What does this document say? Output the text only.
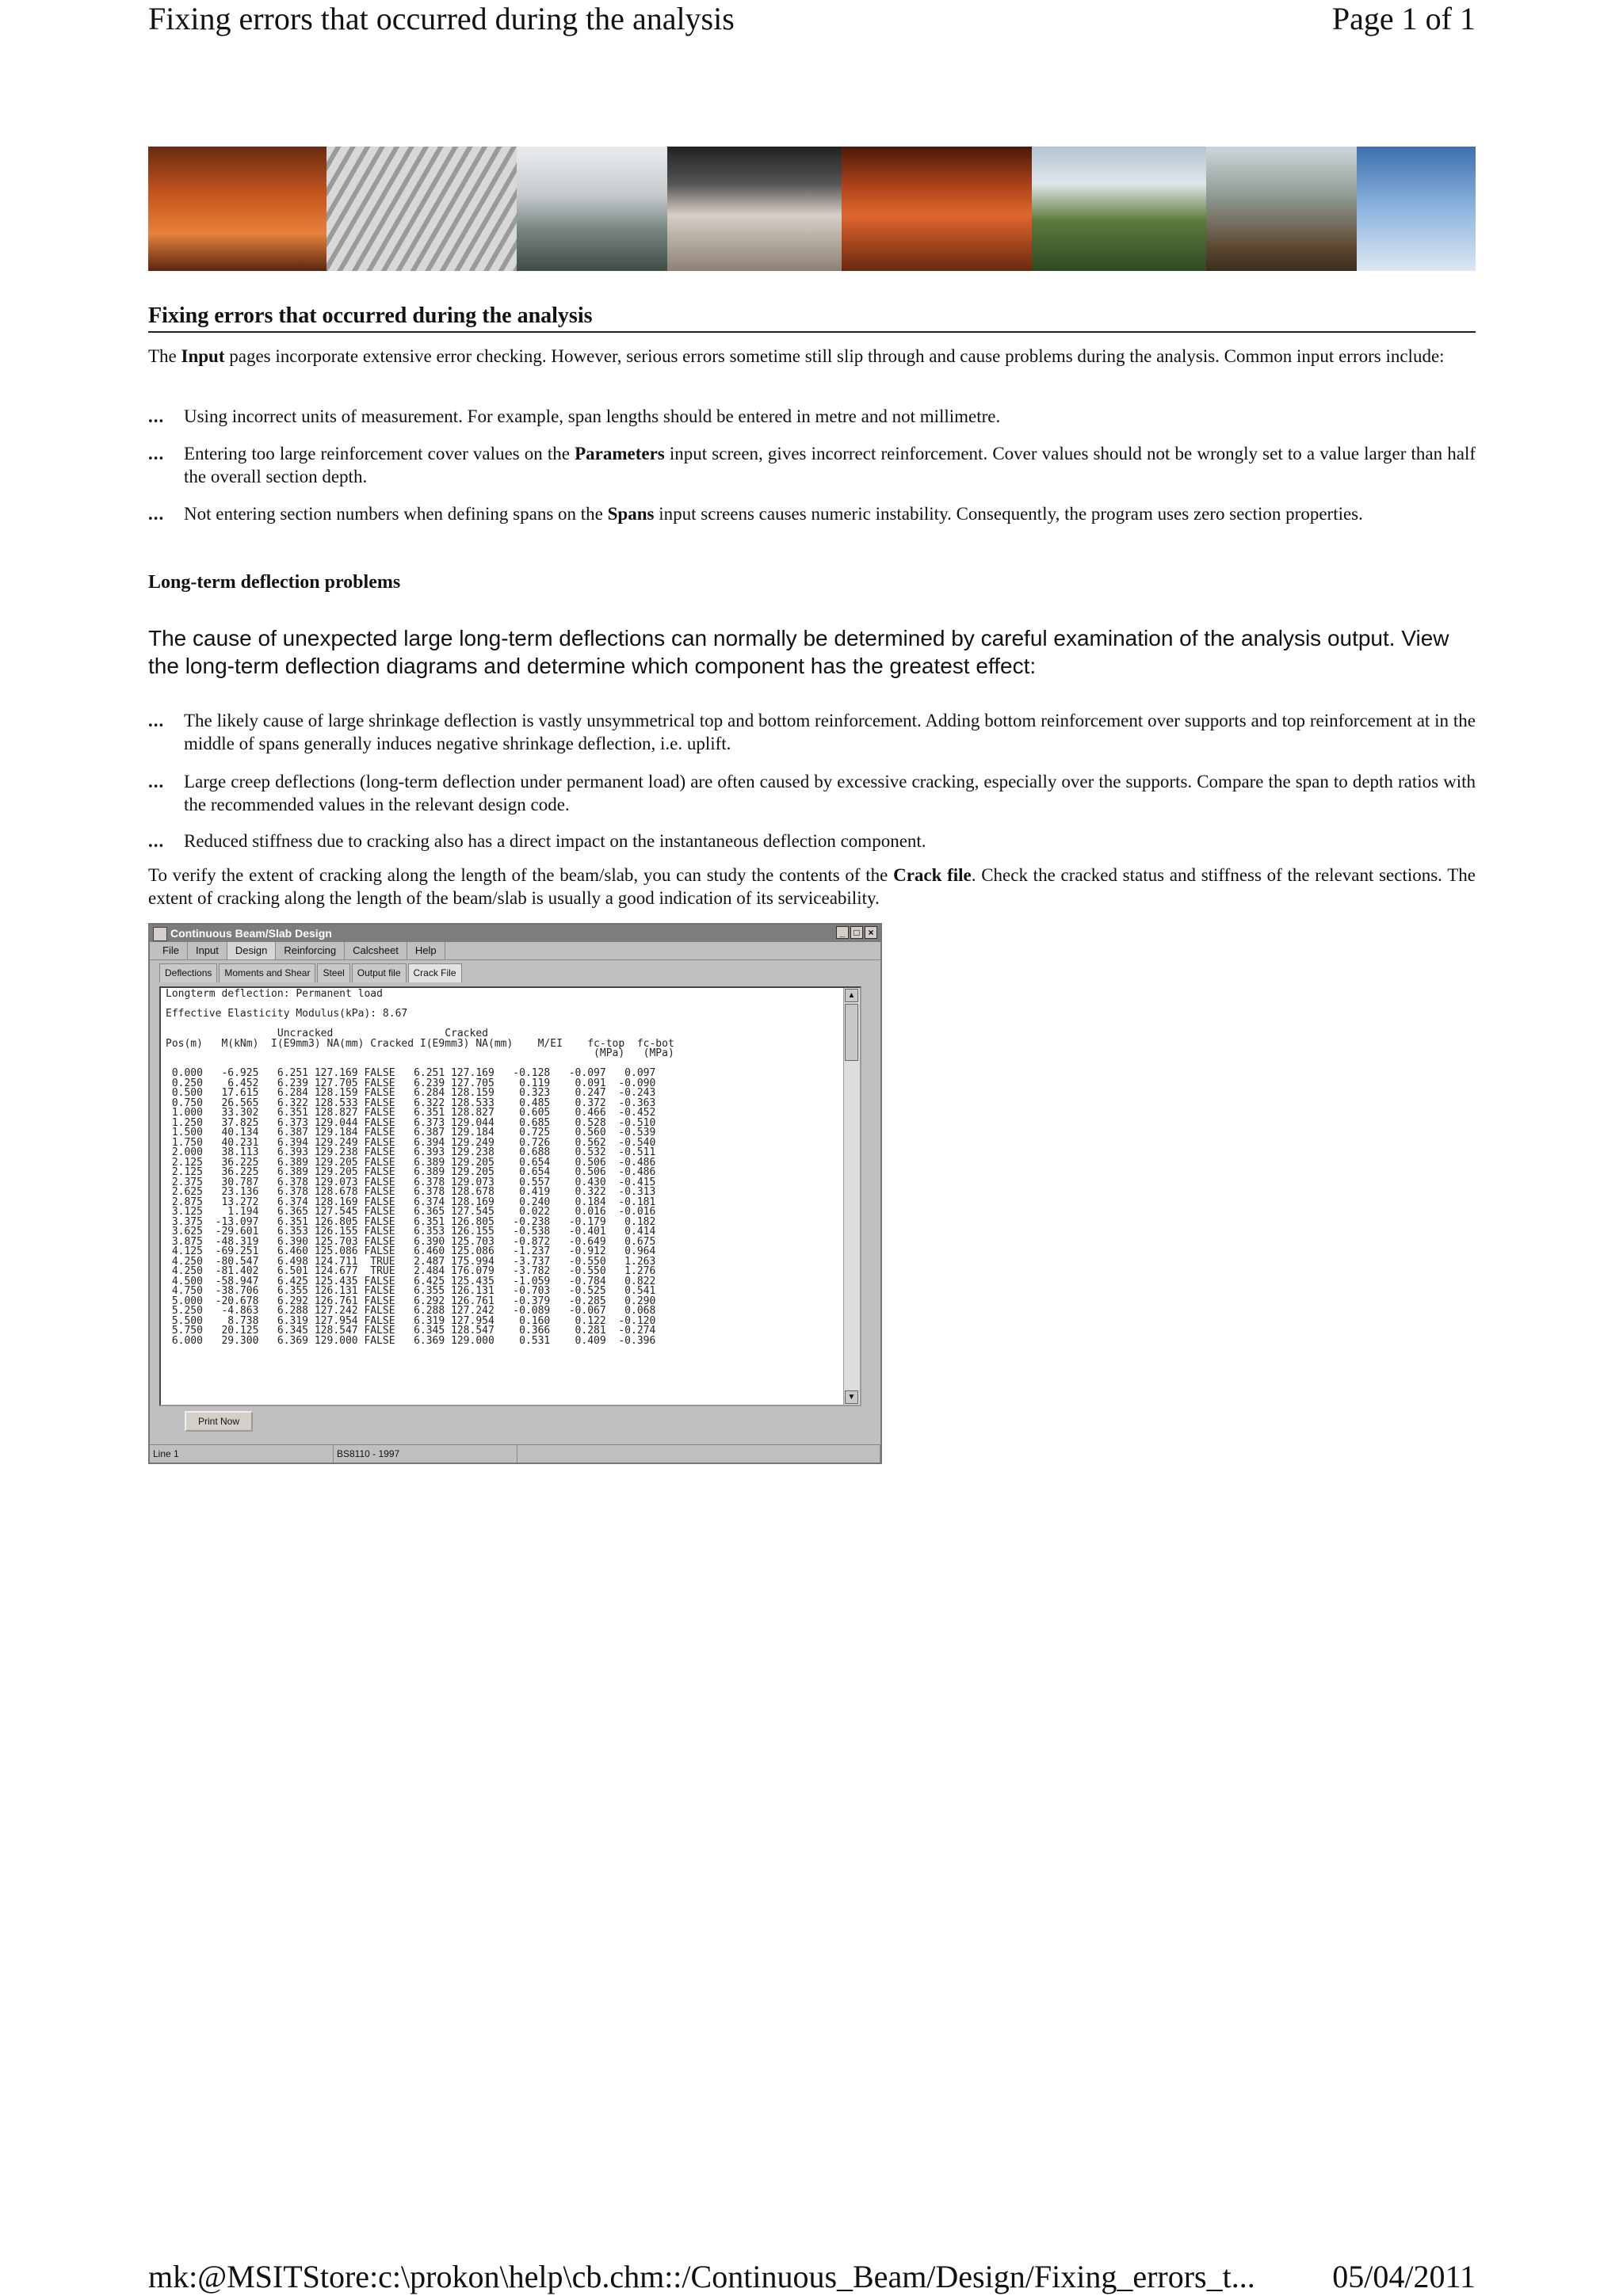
Fixing errors that occurred during the analysis	Page 1 of 1
Fixing errors that occurred during the analysis

The Input pages incorporate extensive error checking. However, serious errors sometime still slip through and cause problems during the analysis. Common input errors include:

... Using incorrect units of measurement. For example, span lengths should be entered in metre and not millimetre.
... Entering too large reinforcement cover values on the Parameters input screen, gives incorrect reinforcement. Cover values should not be wrongly set to a value larger than half the overall section depth.
... Not entering section numbers when defining spans on the Spans input screens causes numeric instability. Consequently, the program uses zero section properties.
Long-term deflection problems
The cause of unexpected large long-term deflections can normally be determined by careful examination of the analysis output. View the long-term deflection diagrams and determine which component has the greatest effect:
... The likely cause of large shrinkage deflection is vastly unsymmetrical top and bottom reinforcement. Adding bottom reinforcement over supports and top reinforcement at in the middle of spans generally induces negative shrinkage deflection, i.e. uplift.
... Large creep deflections (long-term deflection under permanent load) are often caused by excessive cracking, especially over the supports. Compare the span to depth ratios with the recommended values in the relevant design code.
... Reduced stiffness due to cracking also has a direct impact on the instantaneous deflection component.

To verify the extent of cracking along the length of the beam/slab, you can study the contents of the Crack file. Check the cracked status and stiffness of the relevant sections. The extent of cracking along the length of the beam/slab is usually a good indication of its serviceability.

Continuous Beam/Slab Design	_ □ ×
File	Input	Design	Reinforcing	Calcsheet	Help
Deflections	Moments and Shear	Steel	Output file	Crack File
Longterm deflection: Permanent load

Effective Elasticity Modulus(kPa): 8.67

Uncracked                  Cracked
Pos(m)   M(kNm)  I(E9mm3) NA(mm) Cracked I(E9mm3) NA(mm)    M/EI    fc-top  fc-bot
(MPa)   (MPa)

0.000   -6.925   6.251 127.169 FALSE   6.251 127.169   -0.128   -0.097   0.097
0.250    6.452   6.239 127.705 FALSE   6.239 127.705    0.119    0.091  -0.090
0.500   17.615   6.284 128.159 FALSE   6.284 128.159    0.323    0.247  -0.243
0.750   26.565   6.322 128.533 FALSE   6.322 128.533    0.485    0.372  -0.363
1.000   33.302   6.351 128.827 FALSE   6.351 128.827    0.605    0.466  -0.452
1.250   37.825   6.373 129.044 FALSE   6.373 129.044    0.685    0.528  -0.510
1.500   40.134   6.387 129.184 FALSE   6.387 129.184    0.725    0.560  -0.539
1.750   40.231   6.394 129.249 FALSE   6.394 129.249    0.726    0.562  -0.540
2.000   38.113   6.393 129.238 FALSE   6.393 129.238    0.688    0.532  -0.511
2.125   36.225   6.389 129.205 FALSE   6.389 129.205    0.654    0.506  -0.486
2.125   36.225   6.389 129.205 FALSE   6.389 129.205    0.654    0.506  -0.486
2.375   30.787   6.378 129.073 FALSE   6.378 129.073    0.557    0.430  -0.415
2.625   23.136   6.378 128.678 FALSE   6.378 128.678    0.419    0.322  -0.313
2.875   13.272   6.374 128.169 FALSE   6.374 128.169    0.240    0.184  -0.181
3.125    1.194   6.365 127.545 FALSE   6.365 127.545    0.022    0.016  -0.016
3.375  -13.097   6.351 126.805 FALSE   6.351 126.805   -0.238   -0.179   0.182
3.625  -29.601   6.353 126.155 FALSE   6.353 126.155   -0.538   -0.401   0.414
3.875  -48.319   6.390 125.703 FALSE   6.390 125.703   -0.872   -0.649   0.675
4.125  -69.251   6.460 125.086 FALSE   6.460 125.086   -1.237   -0.912   0.964
4.250  -80.547   6.498 124.711  TRUE   2.487 175.994   -3.737   -0.550   1.263
4.250  -81.402   6.501 124.677  TRUE   2.484 176.079   -3.782   -0.550   1.276
4.500  -58.947   6.425 125.435 FALSE   6.425 125.435   -1.059   -0.784   0.822
4.750  -38.706   6.355 126.131 FALSE   6.355 126.131   -0.703   -0.525   0.541
5.000  -20.678   6.292 126.761 FALSE   6.292 126.761   -0.379   -0.285   0.290
5.250   -4.863   6.288 127.242 FALSE   6.288 127.242   -0.089   -0.067   0.068
5.500    8.738   6.319 127.954 FALSE   6.319 127.954    0.160    0.122  -0.120
5.750   20.125   6.345 128.547 FALSE   6.345 128.547    0.366    0.281  -0.274
6.000   29.300   6.369 129.000 FALSE   6.369 129.000    0.531    0.409  -0.396
▲
▼
Print Now
Line 1	BS8110 - 1997
mk:@MSITStore:c:\prokon\help\cb.chm::/Continuous_Beam/Design/Fixing_errors_t... 05/04/2011
